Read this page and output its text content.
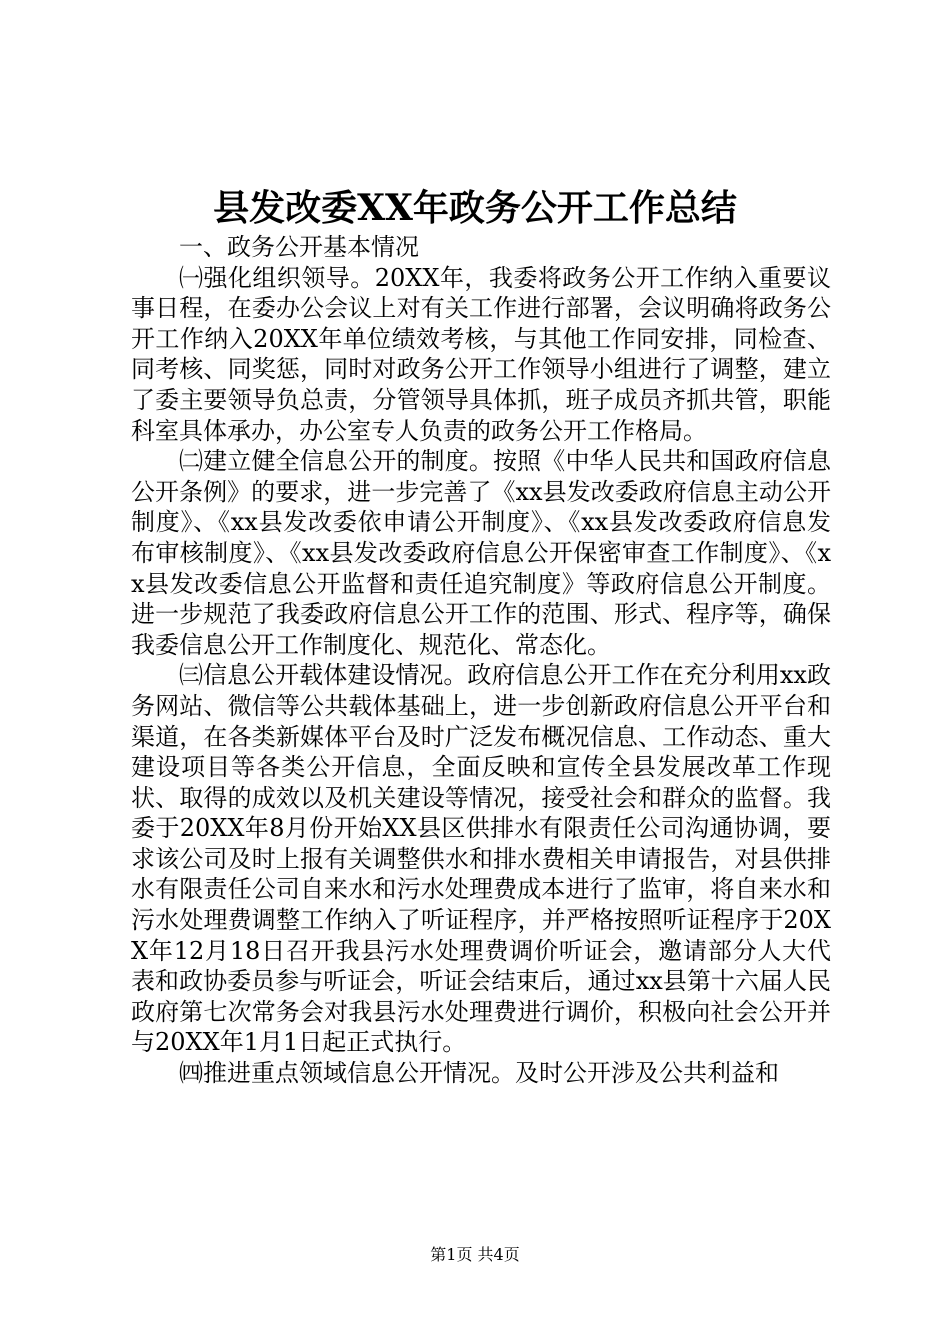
县发改委XX年政务公开工作总结

一、政务公开基本情况

㈠强化组织领导。20XX年，我委将政务公开工作纳入重要议事日程，在委办公会议上对有关工作进行部署，会议明确将政务公开工作纳入20XX年单位绩效考核，与其他工作同安排，同检查、同考核、同奖惩，同时对政务公开工作领导小组进行了调整，建立了委主要领导负总责，分管领导具体抓，班子成员齐抓共管，职能科室具体承办，办公室专人负责的政务公开工作格局。

㈡建立健全信息公开的制度。按照《中华人民共和国政府信息公开条例》的要求，进一步完善了《xx县发改委政府信息主动公开制度》、《xx县发改委依申请公开制度》、《xx县发改委政府信息发布审核制度》、《xx县发改委政府信息公开保密审查工作制度》、《xx县发改委信息公开监督和责任追究制度》等政府信息公开制度。进一步规范了我委政府信息公开工作的范围、形式、程序等，确保我委信息公开工作制度化、规范化、常态化。

㈢信息公开载体建设情况。政府信息公开工作在充分利用xx政务网站、微信等公共载体基础上，进一步创新政府信息公开平台和渠道，在各类新媒体平台及时广泛发布概况信息、工作动态、重大建设项目等各类公开信息，全面反映和宣传全县发展改革工作现状、取得的成效以及机关建设等情况，接受社会和群众的监督。我委于20XX年8月份开始XX县区供排水有限责任公司沟通协调，要求该公司及时上报有关调整供水和排水费相关申请报告，对县供排水有限责任公司自来水和污水处理费成本进行了监审，将自来水和污水处理费调整工作纳入了听证程序，并严格按照听证程序于20XX年12月18日召开我县污水处理费调价听证会，邀请部分人大代表和政协委员参与听证会，听证会结束后，通过xx县第十六届人民政府第七次常务会对我县污水处理费进行调价，积极向社会公开并与20XX年1月1日起正式执行。

㈣推进重点领域信息公开情况。及时公开涉及公共利益和

第1页 共4页
